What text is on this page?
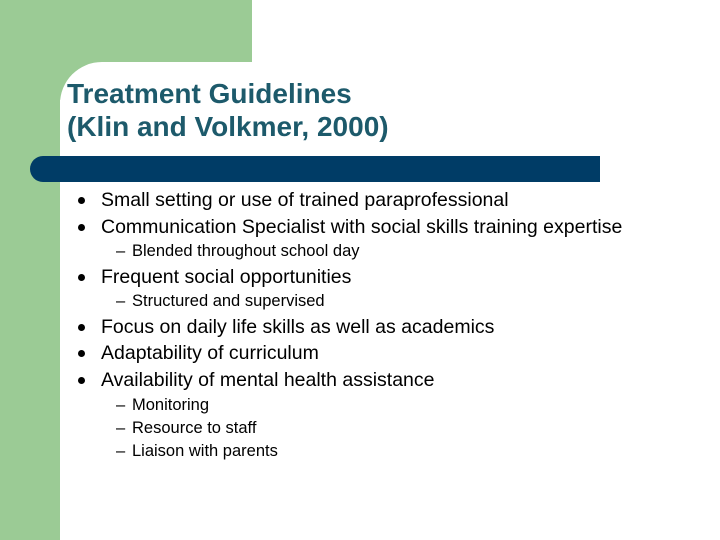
Treatment Guidelines
(Klin and Volkmer, 2000)
Small setting or use of trained paraprofessional
Communication Specialist with social skills training expertise
– Blended throughout school day
Frequent social opportunities
– Structured and supervised
Focus on daily life skills as well as academics
Adaptability of curriculum
Availability of mental health assistance
– Monitoring
– Resource to staff
– Liaison with parents
